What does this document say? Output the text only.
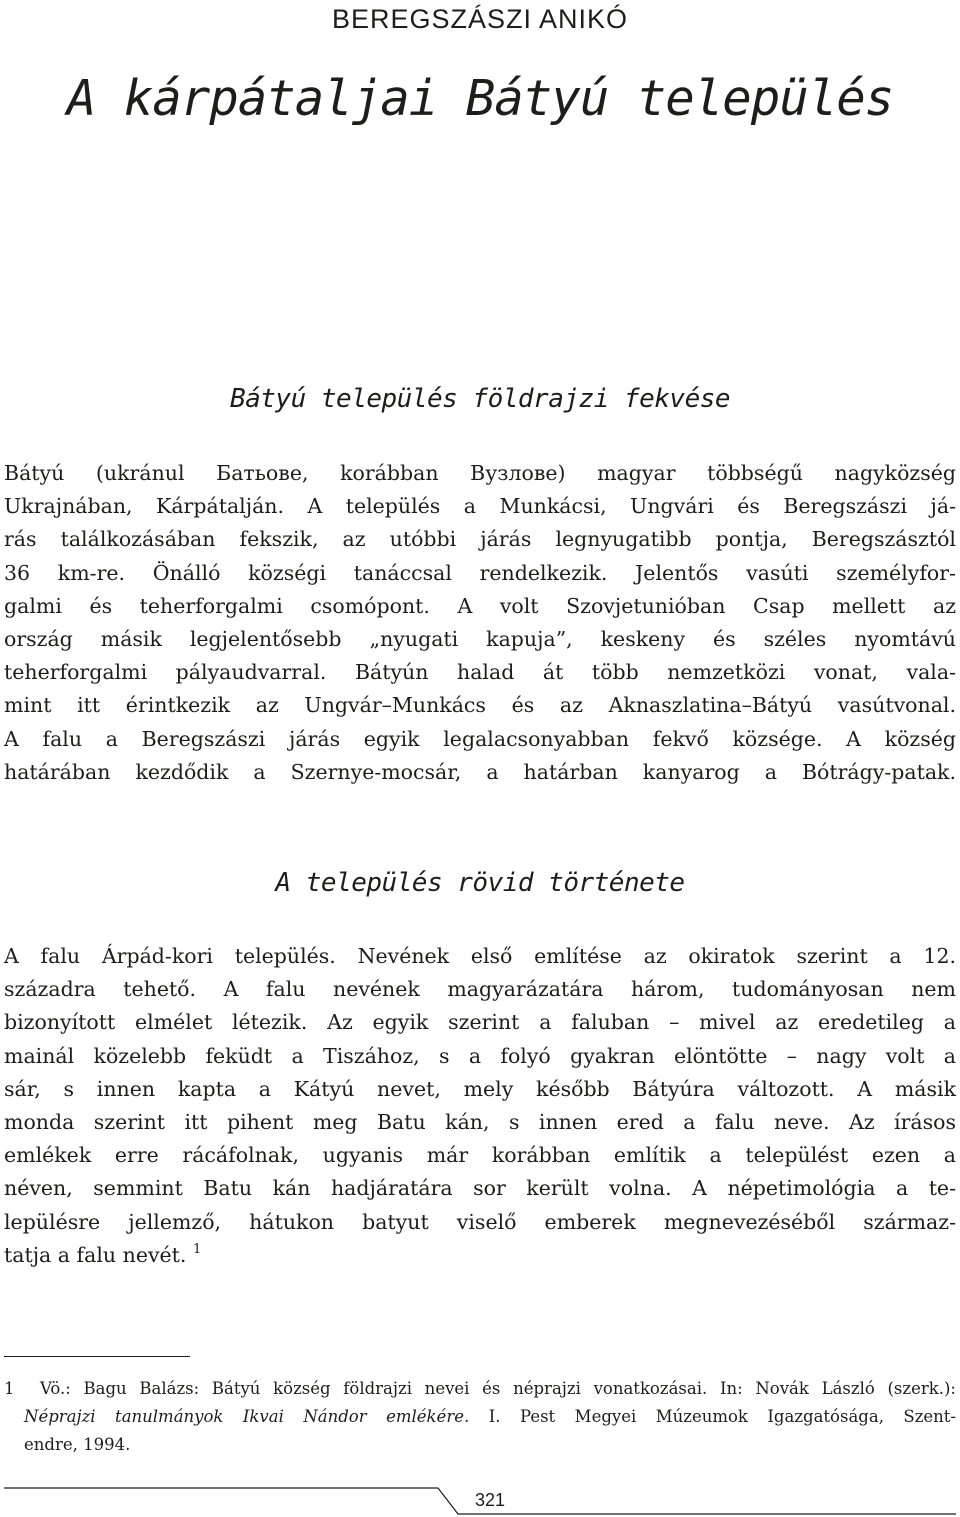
BEREGSZÁSZI ANIKÓ
A kárpátaljai Bátyú település
Bátyú település földrajzi fekvése
Bátyú (ukránul Батьове, korábban Вузлове) magyar többségű nagyközség
Ukrajnában, Kárpátalján. A település a Munkácsi, Ungvári és Beregszászi já-
rás találkozásában fekszik, az utóbbi járás legnyugatibb pontja, Beregszásztól
36 km-re. Önálló községi tanáccsal rendelkezik. Jelentős vasúti személyfor-
galmi és teherforgalmi csomópont. A volt Szovjetunióban Csap mellett az
ország másik legjelentősebb „nyugati kapuja”, keskeny és széles nyomtávú
teherforgalmi pályaudvarral. Bátyún halad át több nemzetközi vonat, vala-
mint itt érintkezik az Ungvár–Munkács és az Aknaszlatina–Bátyú vasútvonal.
A falu a Beregszászi járás egyik legalacsonyabban fekvő községe. A község
határában kezdődik a Szernye-mocsár, a határban kanyarog a Bótrágy-patak.
A település rövid története
A falu Árpád-kori település. Nevének első említése az okiratok szerint a 12.
századra tehető. A falu nevének magyarázatára három, tudományosan nem
bizonyított elmélet létezik. Az egyik szerint a faluban – mivel az eredetileg a
mainál közelebb feküdt a Tiszához, s a folyó gyakran elöntötte – nagy volt a
sár, s innen kapta a Kátyú nevet, mely később Bátyúra változott. A másik
monda szerint itt pihent meg Batu kán, s innen ered a falu neve. Az írásos
emlékek erre rácáfolnak, ugyanis már korábban említik a települést ezen a
néven, semmint Batu kán hadjáratára sor került volna. A népetimológia a te-
lepülésre jellemző, hátukon batyut viselő emberek megnevezéséből származ-
tatja a falu nevét. $^1$
1 Vö.: Bagu Balázs: Bátyú község földrajzi nevei és néprajzi vonatkozásai. In: Novák László (szerk.):
Néprajzi tanulmányok Ikvai Nándor emlékére. I. Pest Megyei Múzeumok Igazgatósága, Szent-
endre, 1994.
321
